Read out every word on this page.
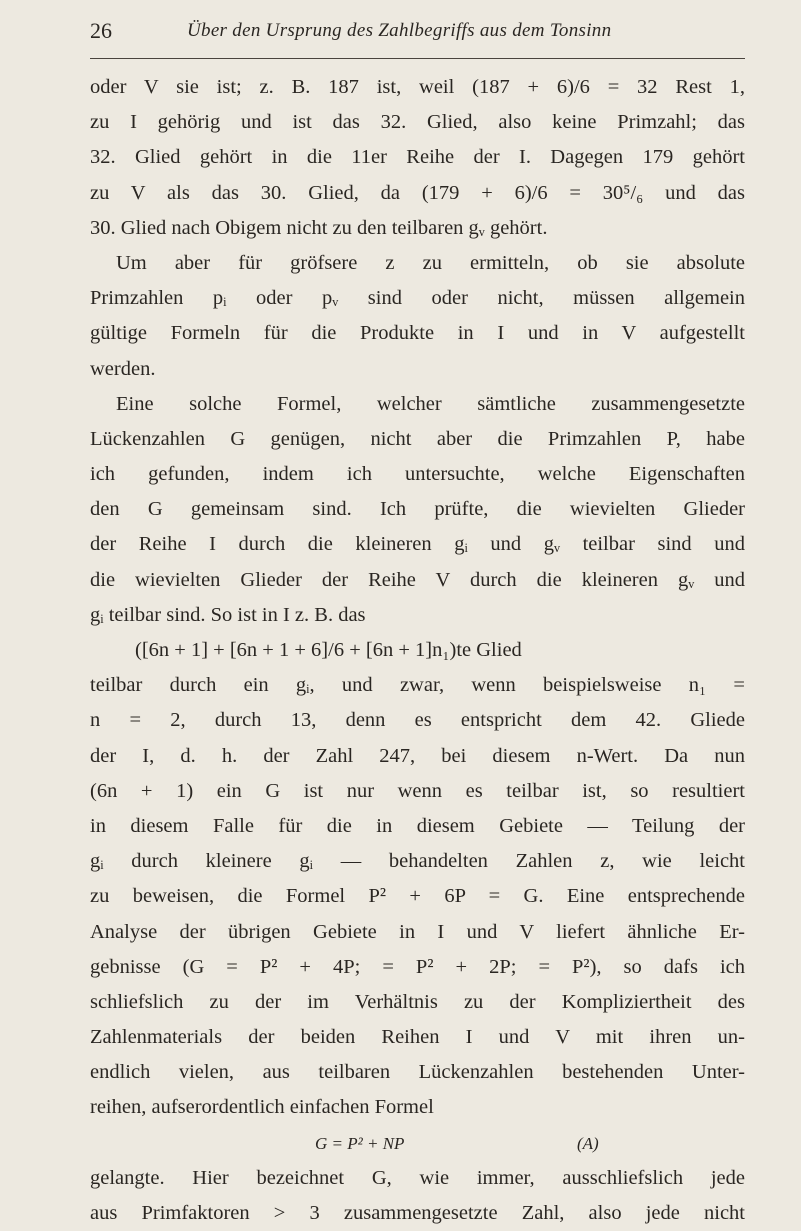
26	Über den Ursprung des Zahlbegriffs aus dem Tonsinn
oder V sie ist; z. B. 187 ist, weil (187 + 6)/6 = 32 Rest 1,
zu I gehörig und ist das 32. Glied, also keine Primzahl; das
32. Glied gehört in die 11er Reihe der I. Dagegen 179 gehört
zu V als das 30. Glied, da (179 + 6)/6 = 30⁵/₆ und das
30. Glied nach Obigem nicht zu den teilbaren gᵥ gehört.
Um aber für gröfsere z zu ermitteln, ob sie absolute
Primzahlen pᵢ oder pᵥ sind oder nicht, müssen allgemein
gültige Formeln für die Produkte in I und in V aufgestellt
werden.
Eine solche Formel, welcher sämtliche zusammengesetzte
Lückenzahlen G genügen, nicht aber die Primzahlen P, habe
ich gefunden, indem ich untersuchte, welche Eigenschaften
den G gemeinsam sind. Ich prüfte, die wievielten Glieder
der Reihe I durch die kleineren gᵢ und gᵥ teilbar sind und
die wievielten Glieder der Reihe V durch die kleineren gᵥ und
gᵢ teilbar sind. So ist in I z. B. das
([6n + 1] + [6n + 1 + 6]/6 + [6n + 1]n₁)te Glied
teilbar durch ein gᵢ, und zwar, wenn beispielsweise n₁ =
n = 2, durch 13, denn es entspricht dem 42. Gliede
der I, d. h. der Zahl 247, bei diesem n-Wert. Da nun
(6n + 1) ein G ist nur wenn es teilbar ist, so resultiert
in diesem Falle für die in diesem Gebiete — Teilung der
gᵢ durch kleinere gᵢ — behandelten Zahlen z, wie leicht
zu beweisen, die Formel P² + 6P = G. Eine entsprechende
Analyse der übrigen Gebiete in I und V liefert ähnliche Er-
gebnisse (G = P² + 4P; = P² + 2P; = P²), so dafs ich
schliefslich zu der im Verhältnis zu der Kompliziertheit des
Zahlenmaterials der beiden Reihen I und V mit ihren un-
endlich vielen, aus teilbaren Lückenzahlen bestehenden Unter-
reihen, aufserordentlich einfachen Formel
G = P² + NP	(A)
gelangte. Hier bezeichnet G, wie immer, ausschliefslich jede
aus Primfaktoren > 3 zusammengesetzte Zahl, also jede nicht
